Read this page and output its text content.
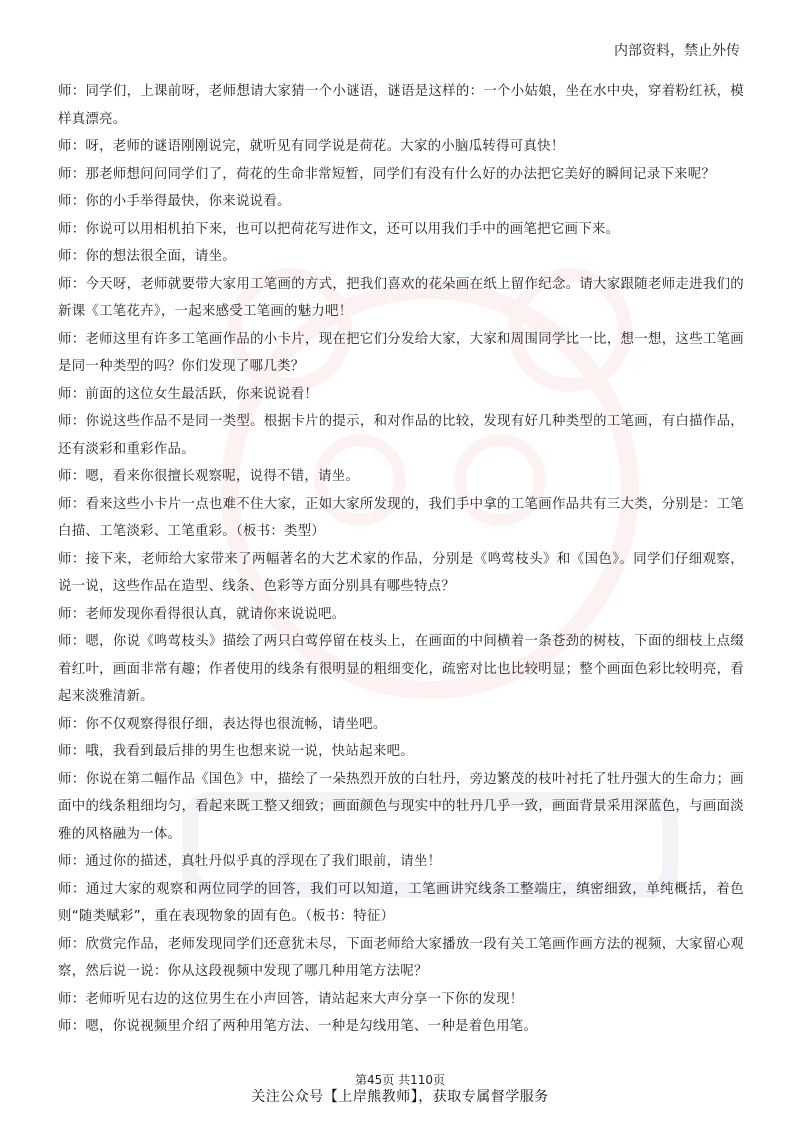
内部资料，禁止外传

师：同学们，上课前呀，老师想请大家猜一个小谜语，谜语是这样的：一个小姑娘，坐在水中央，穿着粉红袄，模样真漂亮。

师：呀，老师的谜语刚刚说完，就听见有同学说是荷花。大家的小脑瓜转得可真快！

师：那老师想问问同学们了，荷花的生命非常短暂，同学们有没有什么好的办法把它美好的瞬间记录下来呢？

师：你的小手举得最快，你来说说看。

师：你说可以用相机拍下来，也可以把荷花写进作文，还可以用我们手中的画笔把它画下来。

师：你的想法很全面，请坐。

师：今天呀，老师就要带大家用工笔画的方式，把我们喜欢的花朵画在纸上留作纪念。请大家跟随老师走进我们的新课《工笔花卉》，一起来感受工笔画的魅力吧！

师：老师这里有许多工笔画作品的小卡片，现在把它们分发给大家，大家和周围同学比一比，想一想，这些工笔画是同一种类型的吗？你们发现了哪几类？

师：前面的这位女生最活跃，你来说说看！

师：你说这些作品不是同一类型。根据卡片的提示，和对作品的比较，发现有好几种类型的工笔画，有白描作品，还有淡彩和重彩作品。

师：嗯，看来你很擅长观察呢，说得不错，请坐。

师：看来这些小卡片一点也难不住大家，正如大家所发现的，我们手中拿的工笔画作品共有三大类，分别是：工笔白描、工笔淡彩、工笔重彩。（板书：类型）

师：接下来，老师给大家带来了两幅著名的大艺术家的作品，分别是《鸣莺枝头》和《国色》。同学们仔细观察，说一说，这些作品在造型、线条、色彩等方面分别具有哪些特点？

师：老师发现你看得很认真，就请你来说说吧。

师：嗯，你说《鸣莺枝头》描绘了两只白莺停留在枝头上，在画面的中间横着一条苍劲的树枝，下面的细枝上点缀着红叶，画面非常有趣；作者使用的线条有很明显的粗细变化，疏密对比也比较明显；整个画面色彩比较明亮，看起来淡雅清新。

师：你不仅观察得很仔细，表达得也很流畅，请坐吧。

师：哦，我看到最后排的男生也想来说一说，快站起来吧。

师：你说在第二幅作品《国色》中，描绘了一朵热烈开放的白牡丹，旁边繁茂的枝叶衬托了牡丹强大的生命力；画面中的线条粗细均匀，看起来既工整又细致；画面颜色与现实中的牡丹几乎一致，画面背景采用深蓝色，与画面淡雅的风格融为一体。

师：通过你的描述，真牡丹似乎真的浮现在了我们眼前，请坐！

师：通过大家的观察和两位同学的回答，我们可以知道，工笔画讲究线条工整端庄，缜密细致，单纯概括，着色则“随类赋彩”，重在表现物象的固有色。（板书：特征）

师：欣赏完作品，老师发现同学们还意犹未尽，下面老师给大家播放一段有关工笔画作画方法的视频，大家留心观察，然后说一说：你从这段视频中发现了哪几种用笔方法呢？

师：老师听见右边的这位男生在小声回答，请站起来大声分享一下你的发现！

师：嗯，你说视频里介绍了两种用笔方法、一种是勾线用笔、一种是着色用笔。

第45页 共110页
关注公众号【上岸熊教师】，获取专属督学服务
